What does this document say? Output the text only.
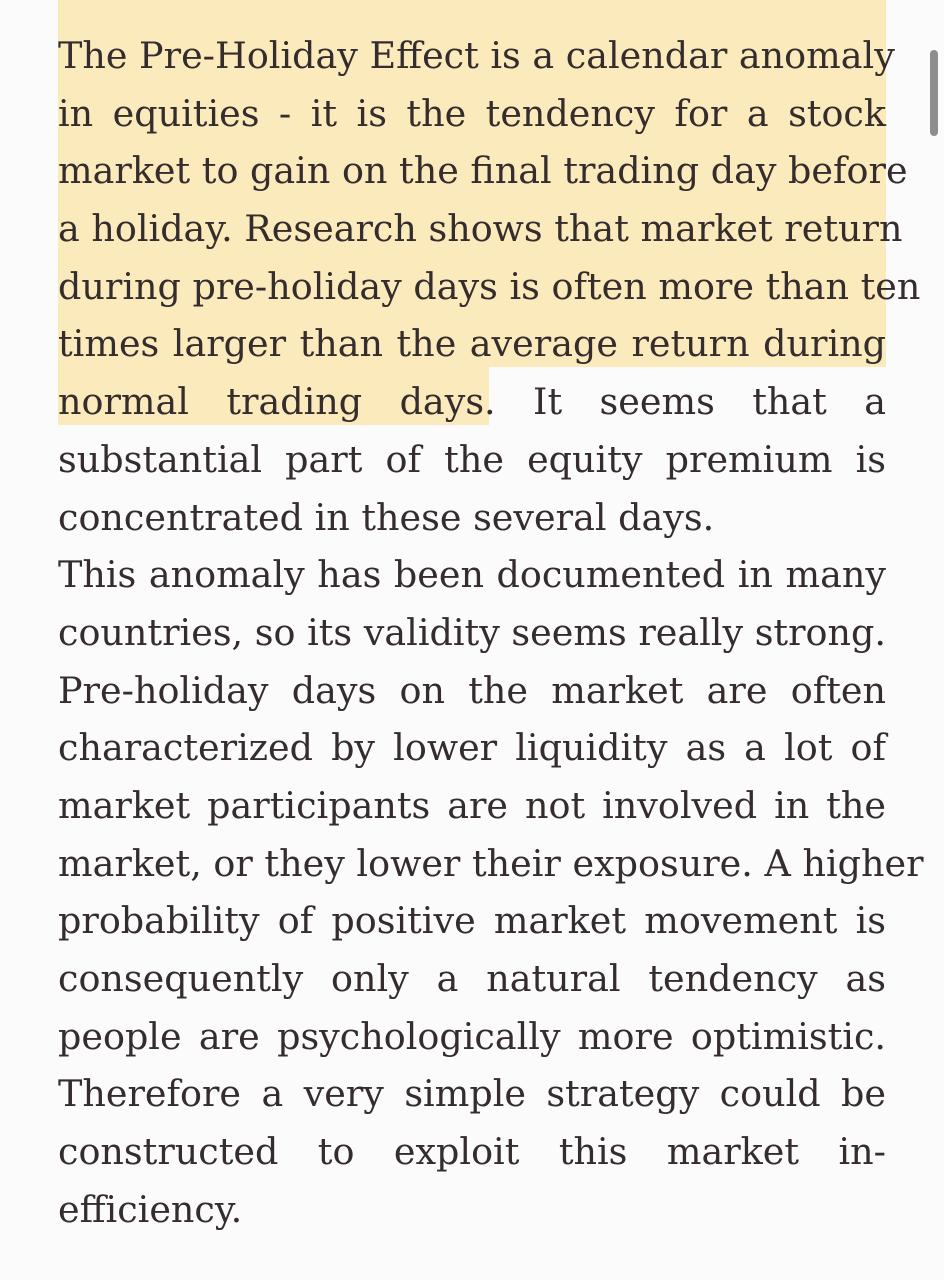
The Pre-Holiday Effect is a calendar anomaly
in equities - it is the tendency for a stock
market to gain on the final trading day before
a holiday. Research shows that market return
during pre-holiday days is often more than ten
times larger than the average return during
normal trading days. It seems that a
substantial part of the equity premium is
concentrated in these several days.
This anomaly has been documented in many
countries, so its validity seems really strong.
Pre-holiday days on the market are often
characterized by lower liquidity as a lot of
market participants are not involved in the
market, or they lower their exposure. A higher
probability of positive market movement is
consequently only a natural tendency as
people are psychologically more optimistic.
Therefore a very simple strategy could be
constructed to exploit this market in-
efficiency.
